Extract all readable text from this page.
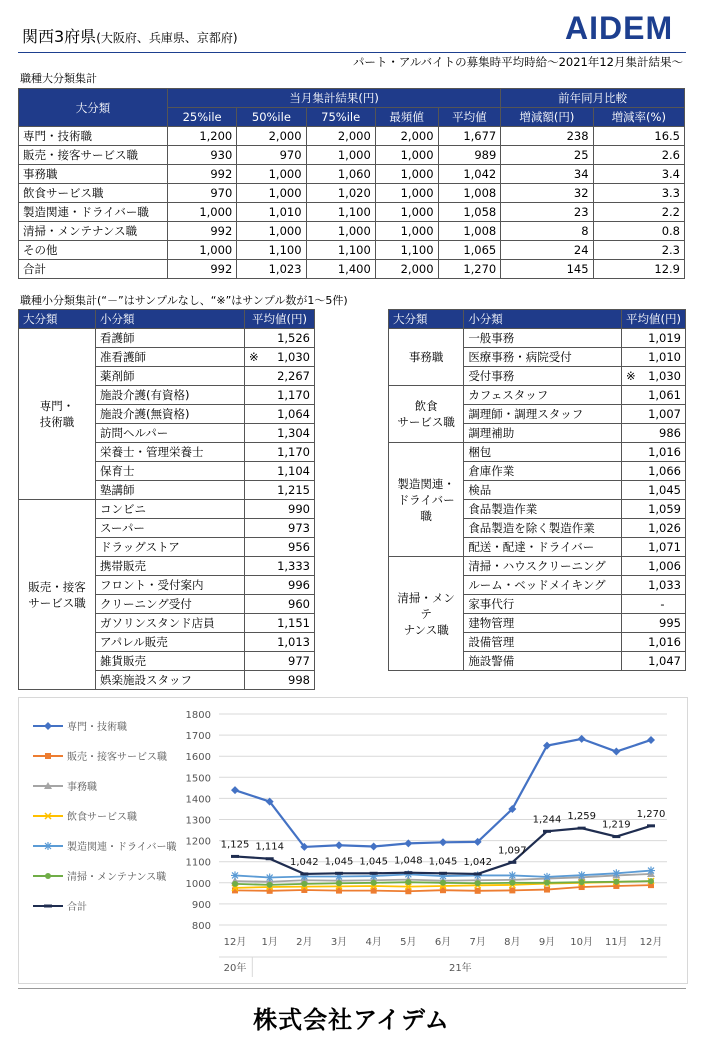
関西3府県(大阪府、兵庫県、京都府)	AIDEM
パート・アルバイトの募集時平均時給～2021年12月集計結果～
職種大分類集計
大分類	当月集計結果(円)					前年同月比較	
	25%ile	50%ile	75%ile	最頻値	平均値	増減額(円)	増減率(%)
専門・技術職	1,200	2,000	2,000	2,000	1,677	238	16.5
販売・接客サービス職	930	970	1,000	1,000	989	25	2.6
事務職	992	1,000	1,060	1,000	1,042	34	3.4
飲食サービス職	970	1,000	1,020	1,000	1,008	32	3.3
製造関連・ドライバー職	1,000	1,010	1,100	1,000	1,058	23	2.2
清掃・メンテナンス職	992	1,000	1,000	1,000	1,008	8	0.8
その他	1,000	1,100	1,100	1,100	1,065	24	2.3
合計	992	1,023	1,400	2,000	1,270	145	12.9
職種小分類集計(“－”はサンプルなし、“※”はサンプル数が1～5件)
大分類	小分類	平均値(円)	
専門・
技術職	看護師		1,526
	准看護師	※	1,030
	薬剤師		2,267
	施設介護(有資格)		1,170
	施設介護(無資格)		1,064
	訪問ヘルパー		1,304
	栄養士・管理栄養士		1,170
	保育士		1,104
	塾講師		1,215
販売・接客
サービス職	コンビニ		990
	スーパー		973
	ドラッグストア		956
	携帯販売		1,333
	フロント・受付案内		996
	クリーニング受付		960
	ガソリンスタンド店員		1,151
	アパレル販売		1,013
	雑貨販売		977
	娯楽施設スタッフ		998
大分類	小分類	平均値(円)	
事務職	一般事務		1,019
	医療事務・病院受付		1,010
	受付事務	※	1,030
飲食
サービス職	カフェスタッフ		1,061
	調理師・調理スタッフ		1,007
	調理補助		986
製造関連・
ドライバー職	梱包		1,016
	倉庫作業		1,066
	検品		1,045
	食品製造作業		1,059
	食品製造を除く製造作業		1,026
	配送・配達・ドライバー		1,071
清掃・メンテ
ナンス職	清掃・ハウスクリーニング		1,006
	ルーム・ベッドメイキング		1,033
	家事代行		-
	建物管理		995
	設備管理		1,016
	施設警備		1,047
800
900
1000
1100
1200
1300
1400
1500
1600
1700
1800
12月 1月 2月 3月 4月 5月 6月 7月 8月 9月 10月 11月 12月
20年	21年
1,125 1,114
1,042 1,045 1,045 1,048 1,045 1,042
1,097
1,244 1,259
1,219
1,270
専門・技術職
販売・接客サービス職
事務職
飲食サービス職
製造関連・ドライバー職
清掃・メンテナンス職
合計
株式会社アイデム
